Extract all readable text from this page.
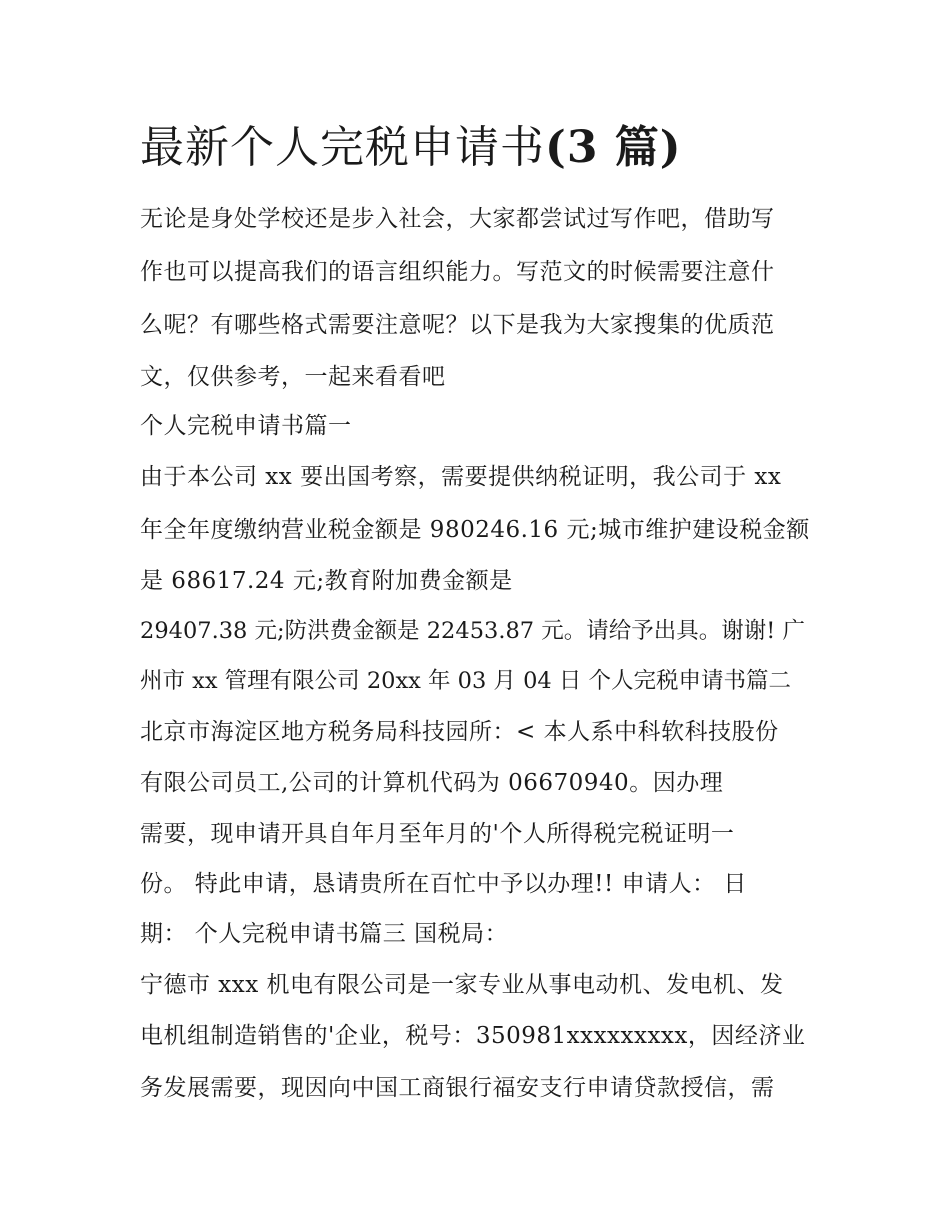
最新个人完税申请书(3 篇)

无论是身处学校还是步入社会，大家都尝试过写作吧，借助写

作也可以提高我们的语言组织能力。写范文的时候需要注意什

么呢？有哪些格式需要注意呢？以下是我为大家搜集的优质范

文，仅供参考，一起来看看吧

个人完税申请书篇一

由于本公司 xx 要出国考察，需要提供纳税证明，我公司于 xx

年全年度缴纳营业税金额是 980246.16 元;城市维护建设税金额

是 68617.24 元;教育附加费金额是

29407.38 元;防洪费金额是 22453.87 元。请给予出具。谢谢! 广

州市 xx 管理有限公司 20xx 年 03 月 04 日 个人完税申请书篇二

北京市海淀区地方税务局科技园所：< 本人系中科软科技股份

有限公司员工,公司的计算机代码为 06670940。因办理

需要，现申请开具自年月至年月的'个人所得税完税证明一

份。 特此申请，恳请贵所在百忙中予以办理!! 申请人： 日

期： 个人完税申请书篇三 国税局：

宁德市 xxx 机电有限公司是一家专业从事电动机、发电机、发

电机组制造销售的'企业，税号：350981xxxxxxxxx，因经济业

务发展需要，现因向中国工商银行福安支行申请贷款授信，需
